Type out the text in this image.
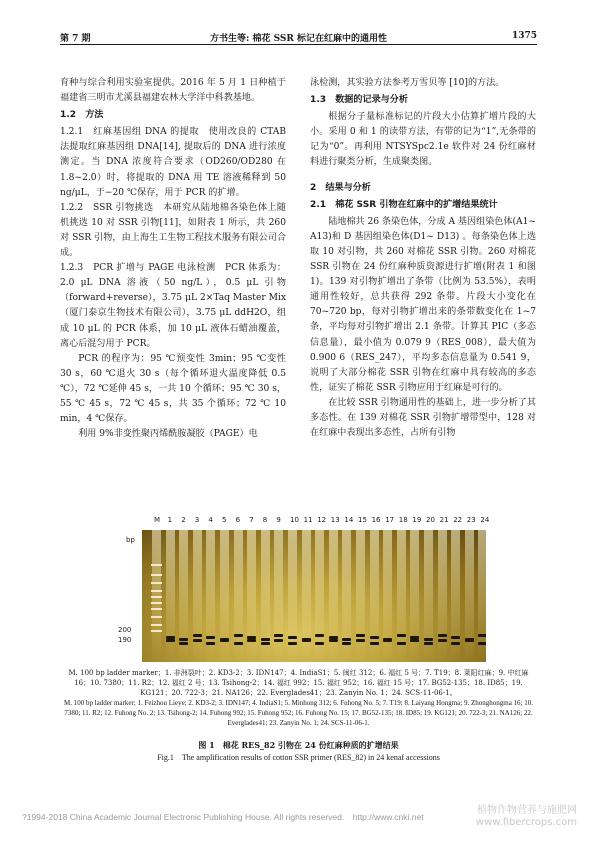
第 7 期	方书生等: 棉花 SSR 标记在红麻中的通用性	1375

育种与综合利用实验室提供。2016 年 5 月 1 日种植于福建省三明市尤溪县福建农林大学洋中科教基地。

1.2　方法

1.2.1　红麻基因组 DNA 的提取　使用改良的 CTAB 法提取红麻基因组 DNA[14], 提取后的 DNA 进行浓度测定。当 DNA 浓度符合要求（OD260/OD280 在 1.8~2.0）时，将提取的 DNA 用 TE 溶液稀释到 50 ng/μL，于−20 ℃保存，用于 PCR 的扩增。

1.2.2　SSR 引物挑选　本研究从陆地棉各染色体上随机挑选 10 对 SSR 引物[11]，如附表 1 所示，共 260 对 SSR 引物，由上海生工生物工程技术服务有限公司合成。

1.2.3　PCR 扩增与 PAGE 电泳检测　PCR 体系为：2.0 μL DNA 溶液（50 ng/L），0.5 μL 引物（forward+reverse），3.75 μL 2×Taq Master Mix（厦门泰京生物技术有限公司），3.75 μL ddH2O，组成 10 μL 的 PCR 体系，加 10 μL 液体石蜡油覆盖，离心后混匀用于 PCR。

PCR 的程序为：95 ℃预变性 3min；95 ℃变性 30 s，60 ℃退火 30 s（每个循环退火温度降低 0.5 ℃），72 ℃延伸 45 s，一共 10 个循环；95 ℃ 30 s，55 ℃ 45 s，72 ℃ 45 s，共 35 个循环；72 ℃ 10 min，4 ℃保存。

利用 9%非变性聚丙烯酰胺凝胶（PAGE）电

泳检测，其实验方法参考万雪贝等 [10]的方法。

1.3　数据的记录与分析

根据分子量标准标记的片段大小估算扩增片段的大小。采用 0 和 1 的读带方法，有带的记为“1”,无条带的记为“0”。再利用 NTSYSpc2.1e 软件对 24 份红麻材料进行聚类分析，生成聚类图。

2　结果与分析

2.1　棉花 SSR 引物在红麻中的扩增结果统计

陆地棉共 26 条染色体，分成 A 基因组染色体(A1~ A13)和 D 基因组染色体(D1~ D13) 。每条染色体上选取 10 对引物，共 260 对棉花 SSR 引物。260 对棉花 SSR 引物在 24 份红麻种质资源进行扩增(附表 1 和图 1)。139 对引物扩增出了条带（比例为 53.5%），表明通用性较好，总共获得 292 条带。片段大小变化在 70~720 bp，每对引物扩增出来的条带数变化在 1~7 条，平均每对引物扩增出 2.1 条带。计算其 PIC（多态信息量），最小值为 0.079 9（RES_008），最大值为 0.900 6（RES_247），平均多态信息量为 0.541 9，说明了大部分棉花 SSR 引物在红麻中具有较高的多态性，证实了棉花 SSR 引物应用于红麻是可行的。

在比较 SSR 引物通用性的基础上，进一步分析了其多态性。在 139 对棉花 SSR 引物扩增带型中，128 对在红麻中表现出多态性，占所有引物

M 1 2 3 4 5 6 7 8 9 10 11 12 13 14 15 16 17 18 19 20 21 22 23 24
bp
200
190
M. 100 bp ladder marker；1. 非洲裂叶；2. KD3-2；3. IDN147；4. IndiaS1；5. 闽红 312；6. 福红 5 号；7. T19；8. 莱阳红麻；9. 中红麻 16；10. 7380；11. R2；12. 福红 2 号；13. Tsihong-2；14. 福红 992；15. 福红 952；16. 福红 15 号；17. BG52-135；18. ID85；19. KG121；20. 722-3；21. NA126；22. Everglades41；23. Zanyin No. 1；24. SCS-11-06-1。
M. 100 bp ladder marker; 1. Feizhou Lieye; 2. KD3-2; 3. IDN147; 4. IndiaS1; 5. Minhong 312; 6. Fuhong No. 5; 7. T19; 8. Laiyang Hongma; 9. Zhonghongma 16; 10. 7380; 11. R2; 12. Fuhong No. 2; 13. Tsihong-2; 14. Fuhong 992; 15. Fuhong 952; 16. Fuhong No. 15; 17. BG52-135; 18. ID85; 19. KG121; 20. 722-3; 21. NA126; 22. Everglades41; 23. Zanyin No. 1; 24. SCS-11-06-1.
图 1　棉花 RES_82 引物在 24 份红麻种质的扩增结果
Fig.1　The amplification results of cotton SSR primer (RES_82) in 24 kenaf accessions
?1994-2018 China Academic Journal Electronic Publishing House. All rights reserved.　http://www.cnki.net
植物作物营养与施肥网
www.fibercrops.com
